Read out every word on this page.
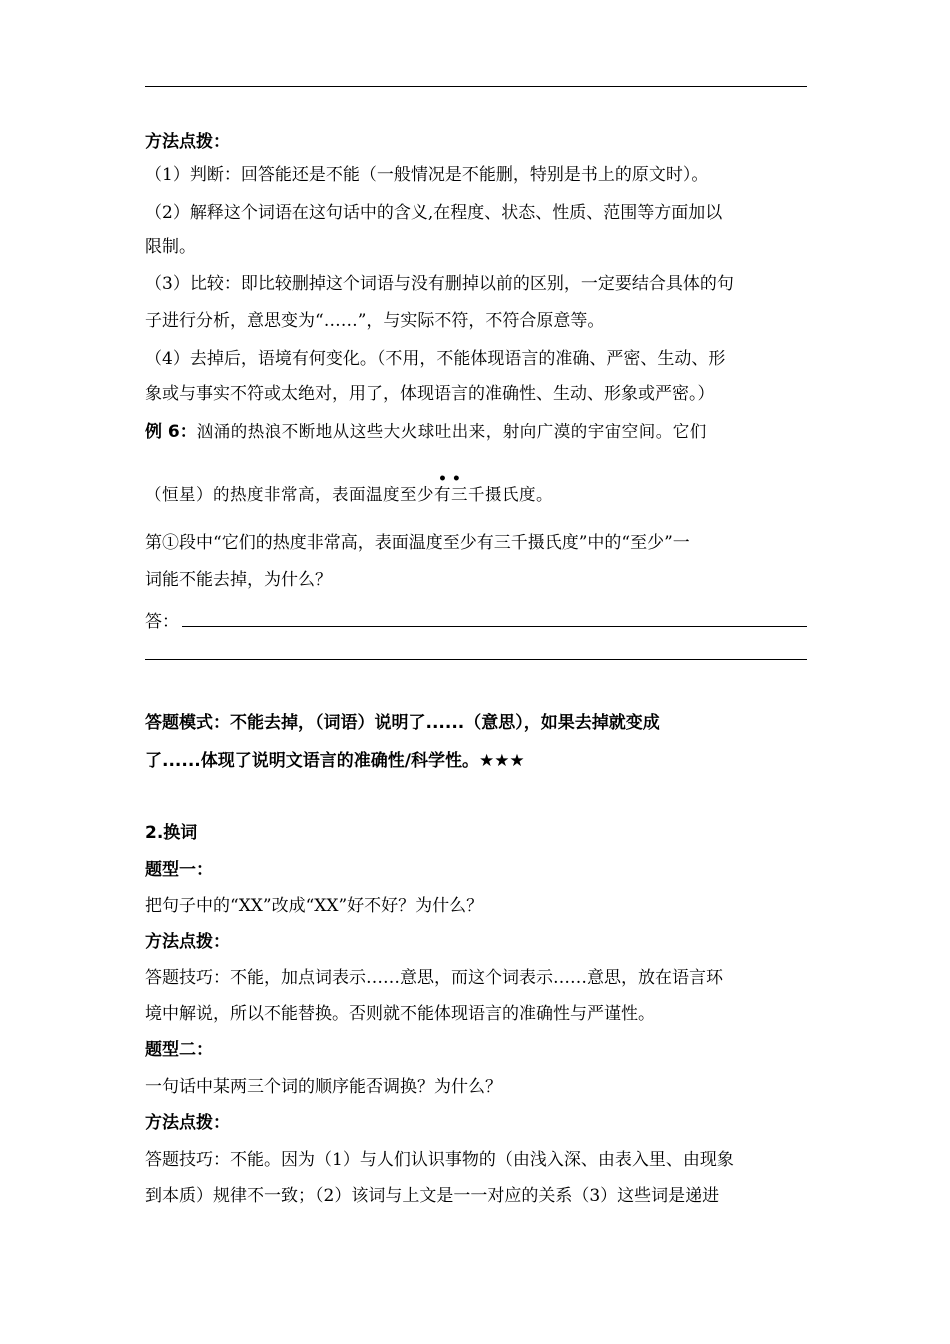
方法点拨：
（1）判断：回答能还是不能（一般情况是不能删，特别是书上的原文时）。
（2）解释这个词语在这句话中的含义,在程度、状态、性质、范围等方面加以
限制。
（3）比较：即比较删掉这个词语与没有删掉以前的区别，一定要结合具体的句
子进行分析，意思变为“……”，与实际不符，不符合原意等。
（4）去掉后，语境有何变化。（不用，不能体现语言的准确、严密、生动、形
象或与事实不符或太绝对，用了，体现语言的准确性、生动、形象或严密。）
例 6：汹涌的热浪不断地从这些大火球吐出来，射向广漠的宇宙空间。它们
• •
（恒星）的热度非常高，表面温度至少有三千摄氏度。
第①段中“它们的热度非常高，表面温度至少有三千摄氏度”中的“至少”一
词能不能去掉，为什么？
答：
答题模式：不能去掉，（词语）说明了......（意思），如果去掉就变成
了......体现了说明文语言的准确性/科学性。★★★
2.换词
题型一：
把句子中的“XX”改成“XX”好不好？为什么？
方法点拨：
答题技巧：不能，加点词表示……意思，而这个词表示……意思，放在语言环
境中解说，所以不能替换。否则就不能体现语言的准确性与严谨性。
题型二：
一句话中某两三个词的顺序能否调换？为什么？
方法点拨：
答题技巧：不能。因为（1）与人们认识事物的（由浅入深、由表入里、由现象
到本质）规律不一致；（2）该词与上文是一一对应的关系（3）这些词是递进
